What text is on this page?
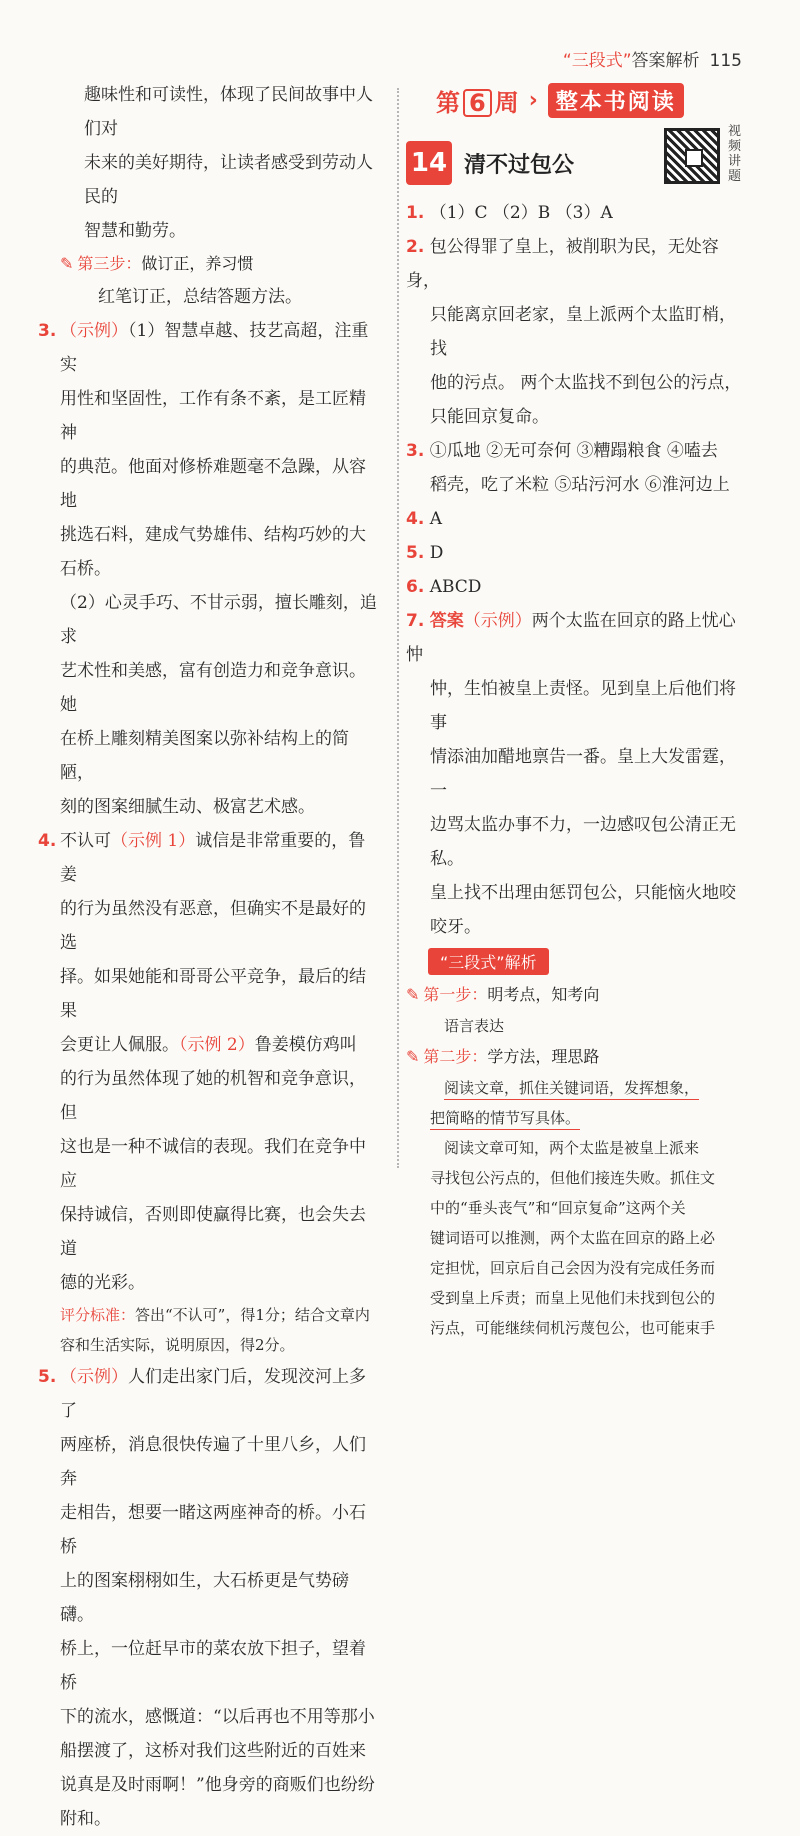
“三段式”答案解析 115

趣味性和可读性，体现了民间故事中人们对

未来的美好期待，让读者感受到劳动人民的

智慧和勤劳。

✎ 第三步：做订正，养习惯

红笔订正，总结答题方法。

3. （示例）（1）智慧卓越、技艺高超，注重实

用性和坚固性，工作有条不紊，是工匠精神

的典范。他面对修桥难题毫不急躁，从容地

挑选石料，建成气势雄伟、结构巧妙的大

石桥。

（2）心灵手巧、不甘示弱，擅长雕刻，追求

艺术性和美感，富有创造力和竞争意识。她

在桥上雕刻精美图案以弥补结构上的简陋，

刻的图案细腻生动、极富艺术感。

4. 不认可（示例 1）诚信是非常重要的，鲁姜

的行为虽然没有恶意，但确实不是最好的选

择。如果她能和哥哥公平竞争，最后的结果

会更让人佩服。（示例 2）鲁姜模仿鸡叫

的行为虽然体现了她的机智和竞争意识，但

这也是一种不诚信的表现。我们在竞争中应

保持诚信，否则即使赢得比赛，也会失去道

德的光彩。

评分标准：答出“不认可”，得1分；结合文章内

容和生活实际，说明原因，得2分。

5. （示例）人们走出家门后，发现洨河上多了

两座桥，消息很快传遍了十里八乡，人们奔

走相告，想要一睹这两座神奇的桥。小石桥

上的图案栩栩如生，大石桥更是气势磅礴。

桥上，一位赶早市的菜农放下担子，望着桥

下的流水，感慨道：“以后再也不用等那小

船摆渡了，这桥对我们这些附近的百姓来

说真是及时雨啊！”他身旁的商贩们也纷纷

附和。

第 6 周 › 整本书阅读
14 清不过包公
视频讲题

1. （1）C （2）B （3）A

2. 包公得罪了皇上，被削职为民，无处容身，

只能离京回老家，皇上派两个太监盯梢，找

他的污点。 两个太监找不到包公的污点，

只能回京复命。

3. ①瓜地 ②无可奈何 ③糟蹋粮食 ④嗑去

稻壳，吃了米粒 ⑤玷污河水 ⑥淮河边上

4. A

5. D

6. ABCD

7. 答案（示例）两个太监在回京的路上忧心忡

忡，生怕被皇上责怪。见到皇上后他们将事

情添油加醋地禀告一番。皇上大发雷霆，一

边骂太监办事不力，一边感叹包公清正无私。

皇上找不出理由惩罚包公，只能恼火地咬

咬牙。

“三段式”解析
✎ 第一步：明考点，知考向

语言表达

✎ 第二步：学方法，理思路

阅读文章，抓住关键词语，发挥想象，

把简略的情节写具体。

阅读文章可知，两个太监是被皇上派来

寻找包公污点的，但他们接连失败。抓住文

中的“垂头丧气”和“回京复命”这两个关

键词语可以推测，两个太监在回京的路上必

定担忧，回京后自己会因为没有完成任务而

受到皇上斥责；而皇上见他们未找到包公的

污点，可能继续伺机污蔑包公，也可能束手
